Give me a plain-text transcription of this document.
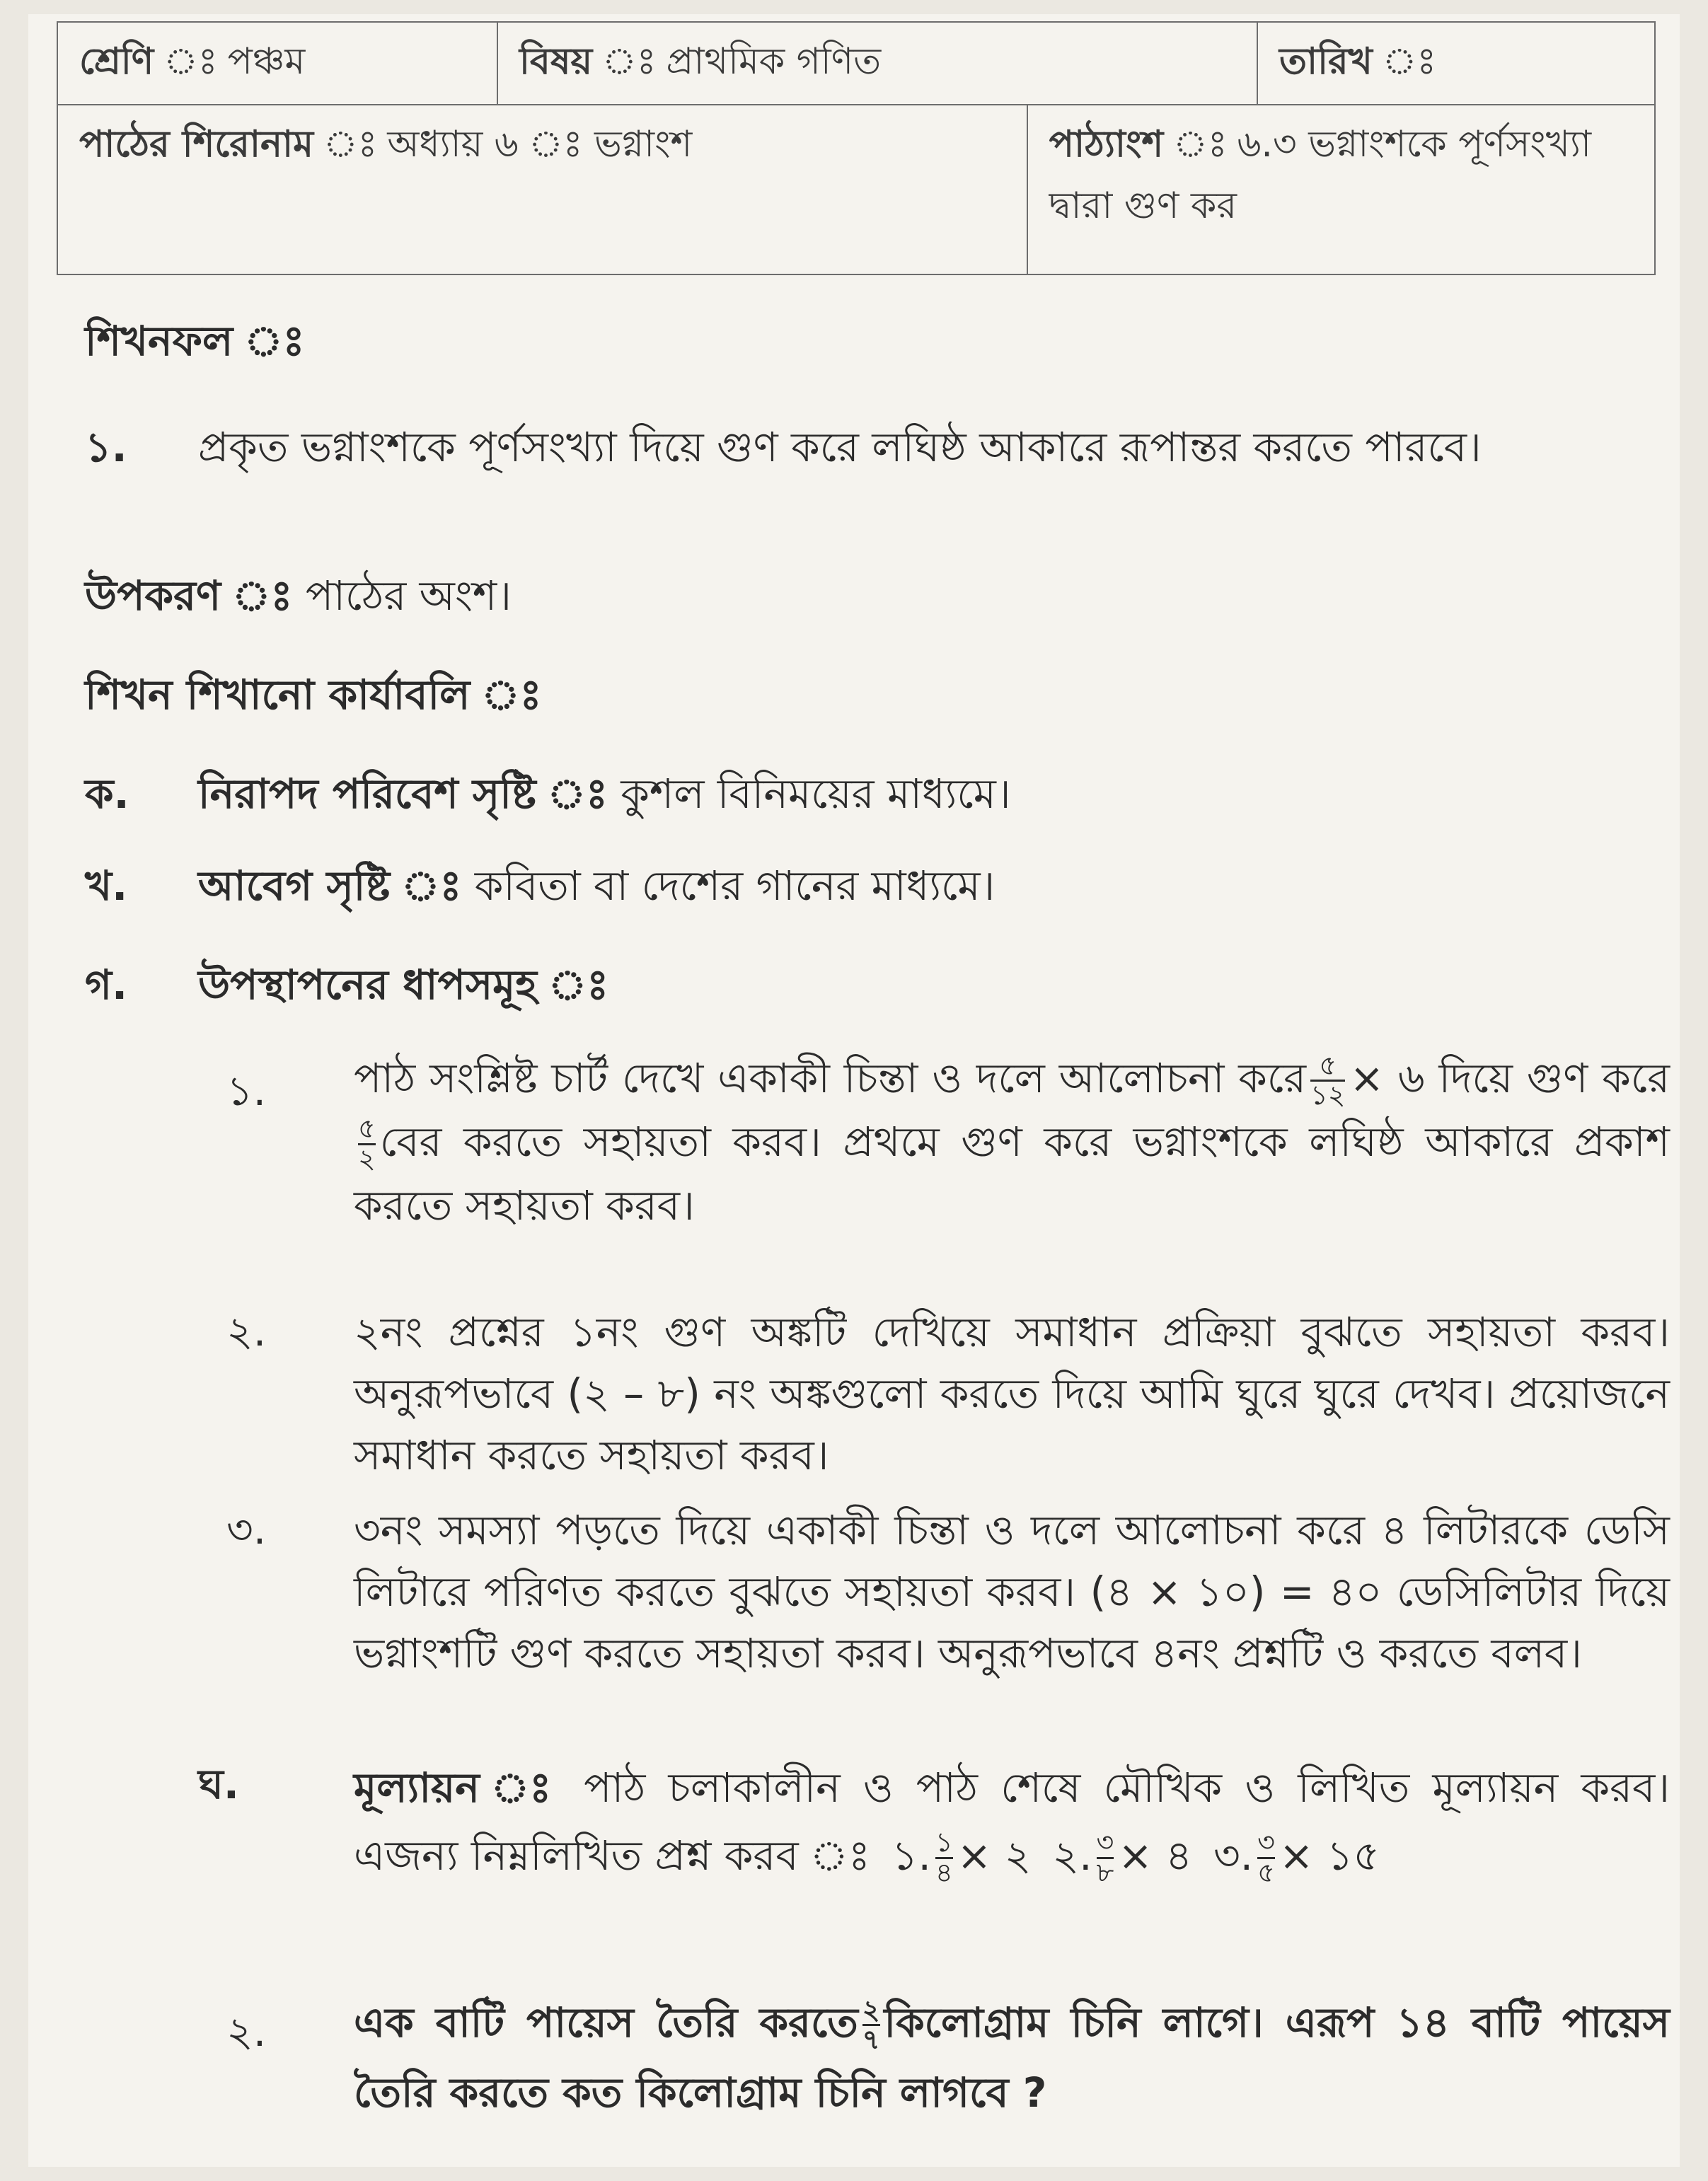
শ্রেণি ঃ পঞ্চম	বিষয় ঃ প্রাথমিক গণিত		তারিখ ঃ
পাঠের শিরোনাম ঃ অধ্যায় ৬ ঃ ভগ্নাংশ		পাঠ্যাংশ ঃ ৬.৩ ভগ্নাংশকে পূর্ণসংখ্যা দ্বারা গুণ কর	
শিখনফল ঃ
১. প্রকৃত ভগ্নাংশকে পূর্ণসংখ্যা দিয়ে গুণ করে লঘিষ্ঠ আকারে রূপান্তর করতে পারবে।
উপকরণ ঃ পাঠের অংশ।
শিখন শিখানো কার্যাবলি ঃ
ক. নিরাপদ পরিবেশ সৃষ্টি ঃ কুশল বিনিময়ের মাধ্যমে।
খ. আবেগ সৃষ্টি ঃ কবিতা বা দেশের গানের মাধ্যমে।
গ. উপস্থাপনের ধাপসমূহ ঃ
১. পাঠ সংশ্লিষ্ট চার্ট দেখে একাকী চিন্তা ও দলে আলোচনা করে $\frac{৫}{১২}$ × ৬ দিয়ে গুণ করে
$\frac{৫}{২}$ বের করতে সহায়তা করব। প্রথমে গুণ করে ভগ্নাংশকে লঘিষ্ঠ আকারে প্রকাশ করতে সহায়তা করব।
২. ২নং প্রশ্নের ১নং গুণ অঙ্কটি দেখিয়ে সমাধান প্রক্রিয়া বুঝতে সহায়তা করব। অনুরূপভাবে (২ – ৮) নং অঙ্কগুলো করতে দিয়ে আমি ঘুরে ঘুরে দেখব। প্রয়োজনে সমাধান করতে সহায়তা করব।
৩. ৩নং সমস্যা পড়তে দিয়ে একাকী চিন্তা ও দলে আলোচনা করে ৪ লিটারকে ডেসি লিটারে পরিণত করতে বুঝতে সহায়তা করব। (৪ × ১০) = ৪০ ডেসিলিটার দিয়ে ভগ্নাংশটি গুণ করতে সহায়তা করব। অনুরূপভাবে ৪নং প্রশ্নটি ও করতে বলব।
ঘ.	মূল্যায়ন ঃ পাঠ চলাকালীন ও পাঠ শেষে মৌখিক ও লিখিত মূল্যায়ন করব। এজন্য নিম্নলিখিত প্রশ্ন করব ঃ ১. $\frac{১}{৪}$ × ২ ২. $\frac{৩}{৮}$ × ৪ ৩. $\frac{৩}{৫}$ × ১৫
২. এক বাটি পায়েস তৈরি করতে $\frac{২}{৭}$ কিলোগ্রাম চিনি লাগে। এরূপ ১৪ বাটি পায়েস তৈরি করতে কত কিলোগ্রাম চিনি লাগবে ?
